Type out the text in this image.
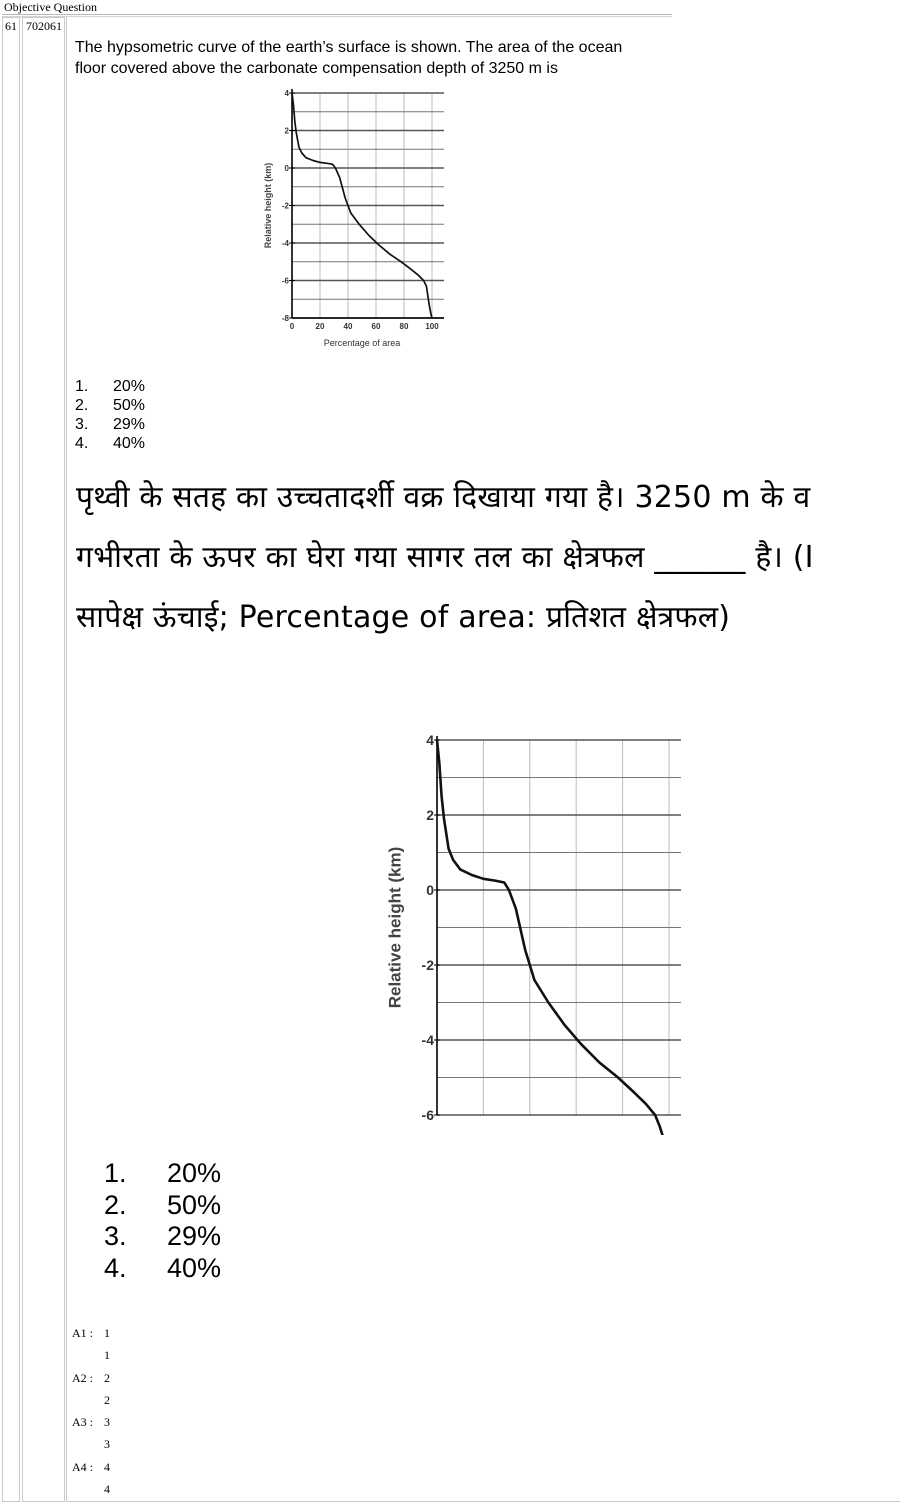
Objective Question
61 702061
The hypsometric curve of the earth’s surface is shown. The area of the ocean
floor covered above the carbonate compensation depth of 3250 m is
4
2
0
-2
-4
-6
-8
0	20 40 60 80 100
Relative height (km)
Percentage of area
1.	20%
2.	50%
3.	29%
4.	40%
पृथ्वी के सतह का उच्चतादर्शी वक्र दिखाया गया है। 3250 m के व
गभीरता के ऊपर का घेरा गया सागर तल का क्षेत्रफल ______ है। (I
सापेक्ष ऊंचाई; Percentage of area: प्रतिशत क्षेत्रफल)
4
2
0
-2
-4
-6
Relative height (km)
1.	20%
2.	50%
3.	29%
4.	40%
A1 : 1
1
A2 : 2
2
A3 : 3
3
A4 : 4
4
